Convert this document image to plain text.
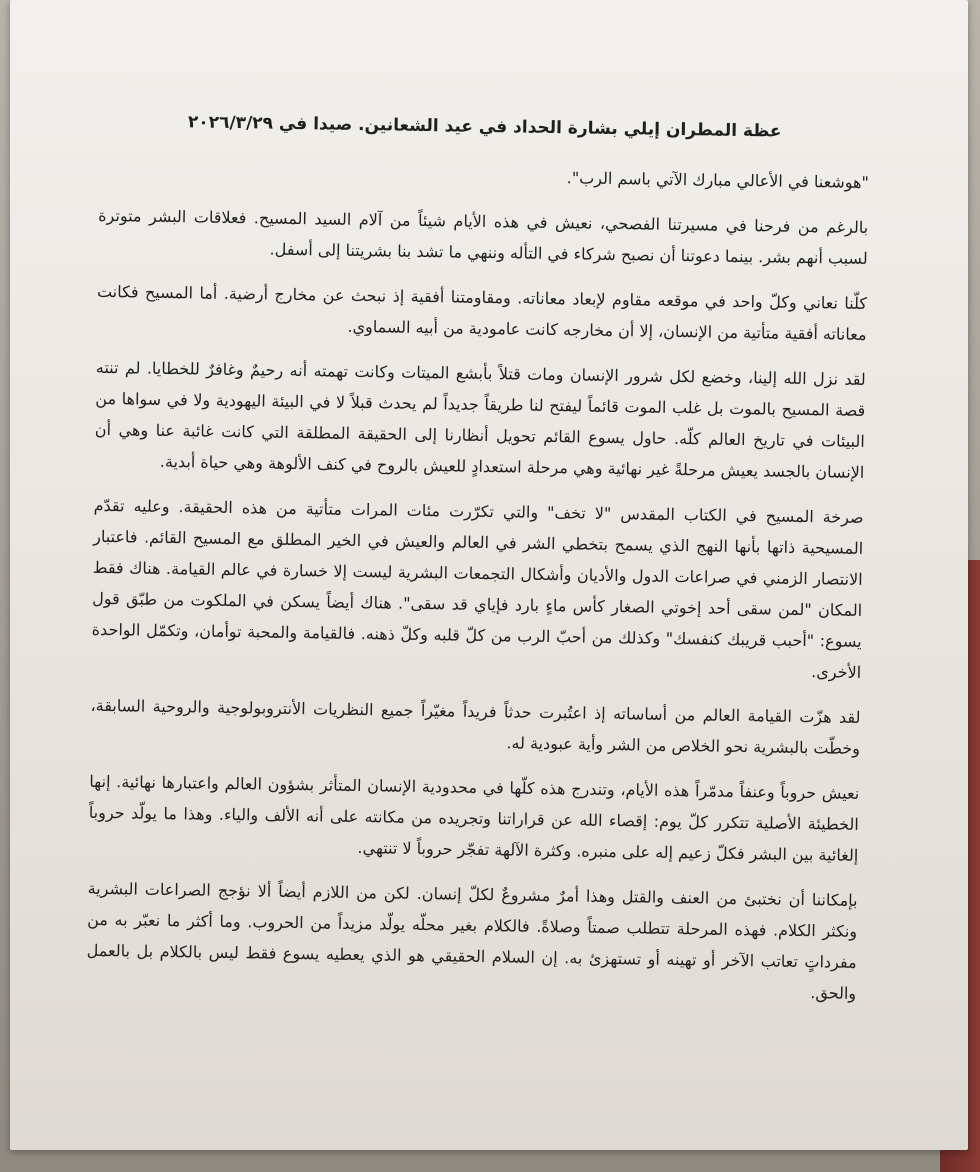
عظة المطران إيلي بشارة الحداد في عيد الشعانين. صيدا في ٢٠٢٦/٣/٢٩

"هوشعنا في الأعالي مبارك الآتي باسم الرب".

بالرغم من فرحنا في مسيرتنا الفصحي، نعيش في هذه الأيام شيئاً من آلام السيد المسيح. فعلاقات البشر متوترة لسبب أنهم بشر. بينما دعوتنا أن نصبح شركاء في التأله وننهي ما تشد بنا بشريتنا إلى أسفل.

كلّنا نعاني وكلّ واحد في موقعه مقاوم لإبعاد معاناته. ومقاومتنا أفقية إذ نبحث عن مخارج أرضية. أما المسيح فكانت معاناته أفقية متأتية من الإنسان، إلا أن مخارجه كانت عامودية من أبيه السماوي.

لقد نزل الله إلينا، وخضع لكل شرور الإنسان ومات قتلاً بأبشع الميتات وكانت تهمته أنه رحيمٌ وغافرٌ للخطايا. لم تنته قصة المسيح بالموت بل غلب الموت قائماً ليفتح لنا طريقاً جديداً لم يحدث قبلاً لا في البيئة اليهودية ولا في سواها من البيئات في تاريخ العالم كلّه. حاول يسوع القائم تحويل أنظارنا إلى الحقيقة المطلقة التي كانت غائبة عنا وهي أن الإنسان بالجسد يعيش مرحلةً غير نهائية وهي مرحلة استعدادٍ للعيش بالروح في كنف الألوهة وهي حياة أبدية.

صرخة المسيح في الكتاب المقدس "لا تخف" والتي تكرّرت مئات المرات متأتية من هذه الحقيقة. وعليه تقدّم المسيحية ذاتها بأنها النهج الذي يسمح بتخطي الشر في العالم والعيش في الخير المطلق مع المسيح القائم. فاعتبار الانتصار الزمني في صراعات الدول والأديان وأشكال التجمعات البشرية ليست إلا خسارة في عالم القيامة. هناك فقط المكان "لمن سقى أحد إخوتي الصغار كأس ماءٍ بارد فإياي قد سقى". هناك أيضاً يسكن في الملكوت من طبّق قول يسوع: "أحبب قريبك كنفسك" وكذلك من أحبّ الرب من كلّ قلبه وكلّ ذهنه. فالقيامة والمحبة توأمان، وتكمّل الواحدة الأخرى.

لقد هزّت القيامة العالم من أساساته إذ اعتُبرت حدثاً فريداً مغيّراً جميع النظريات الأنتروبولوجية والروحية السابقة، وخطّت بالبشرية نحو الخلاص من الشر وأية عبودية له.

نعيش حروباً وعنفاً مدمّراً هذه الأيام، وتندرج هذه كلّها في محدودية الإنسان المتأثر بشؤون العالم واعتبارها نهائية. إنها الخطيئة الأصلية تتكرر كلّ يوم: إقصاء الله عن قراراتنا وتجريده من مكانته على أنه الألف والياء. وهذا ما يولّد حروباً إلغائية بين البشر فكلّ زعيم إله على منبره. وكثرة الآلهة تفجّر حروباً لا تنتهي.

بإمكاننا أن نختبئ من العنف والقتل وهذا أمرٌ مشروعٌ لكلّ إنسان. لكن من اللازم أيضاً ألا نؤجج الصراعات البشرية ونكثر الكلام. فهذه المرحلة تتطلب صمتاً وصلاةً. فالكلام بغير محلّه يولّد مزيداً من الحروب. وما أكثر ما نعبّر به من مفرداتٍ تعاتب الآخر أو تهينه أو تستهزئ به. إن السلام الحقيقي هو الذي يعطيه يسوع فقط ليس بالكلام بل بالعمل والحق.
